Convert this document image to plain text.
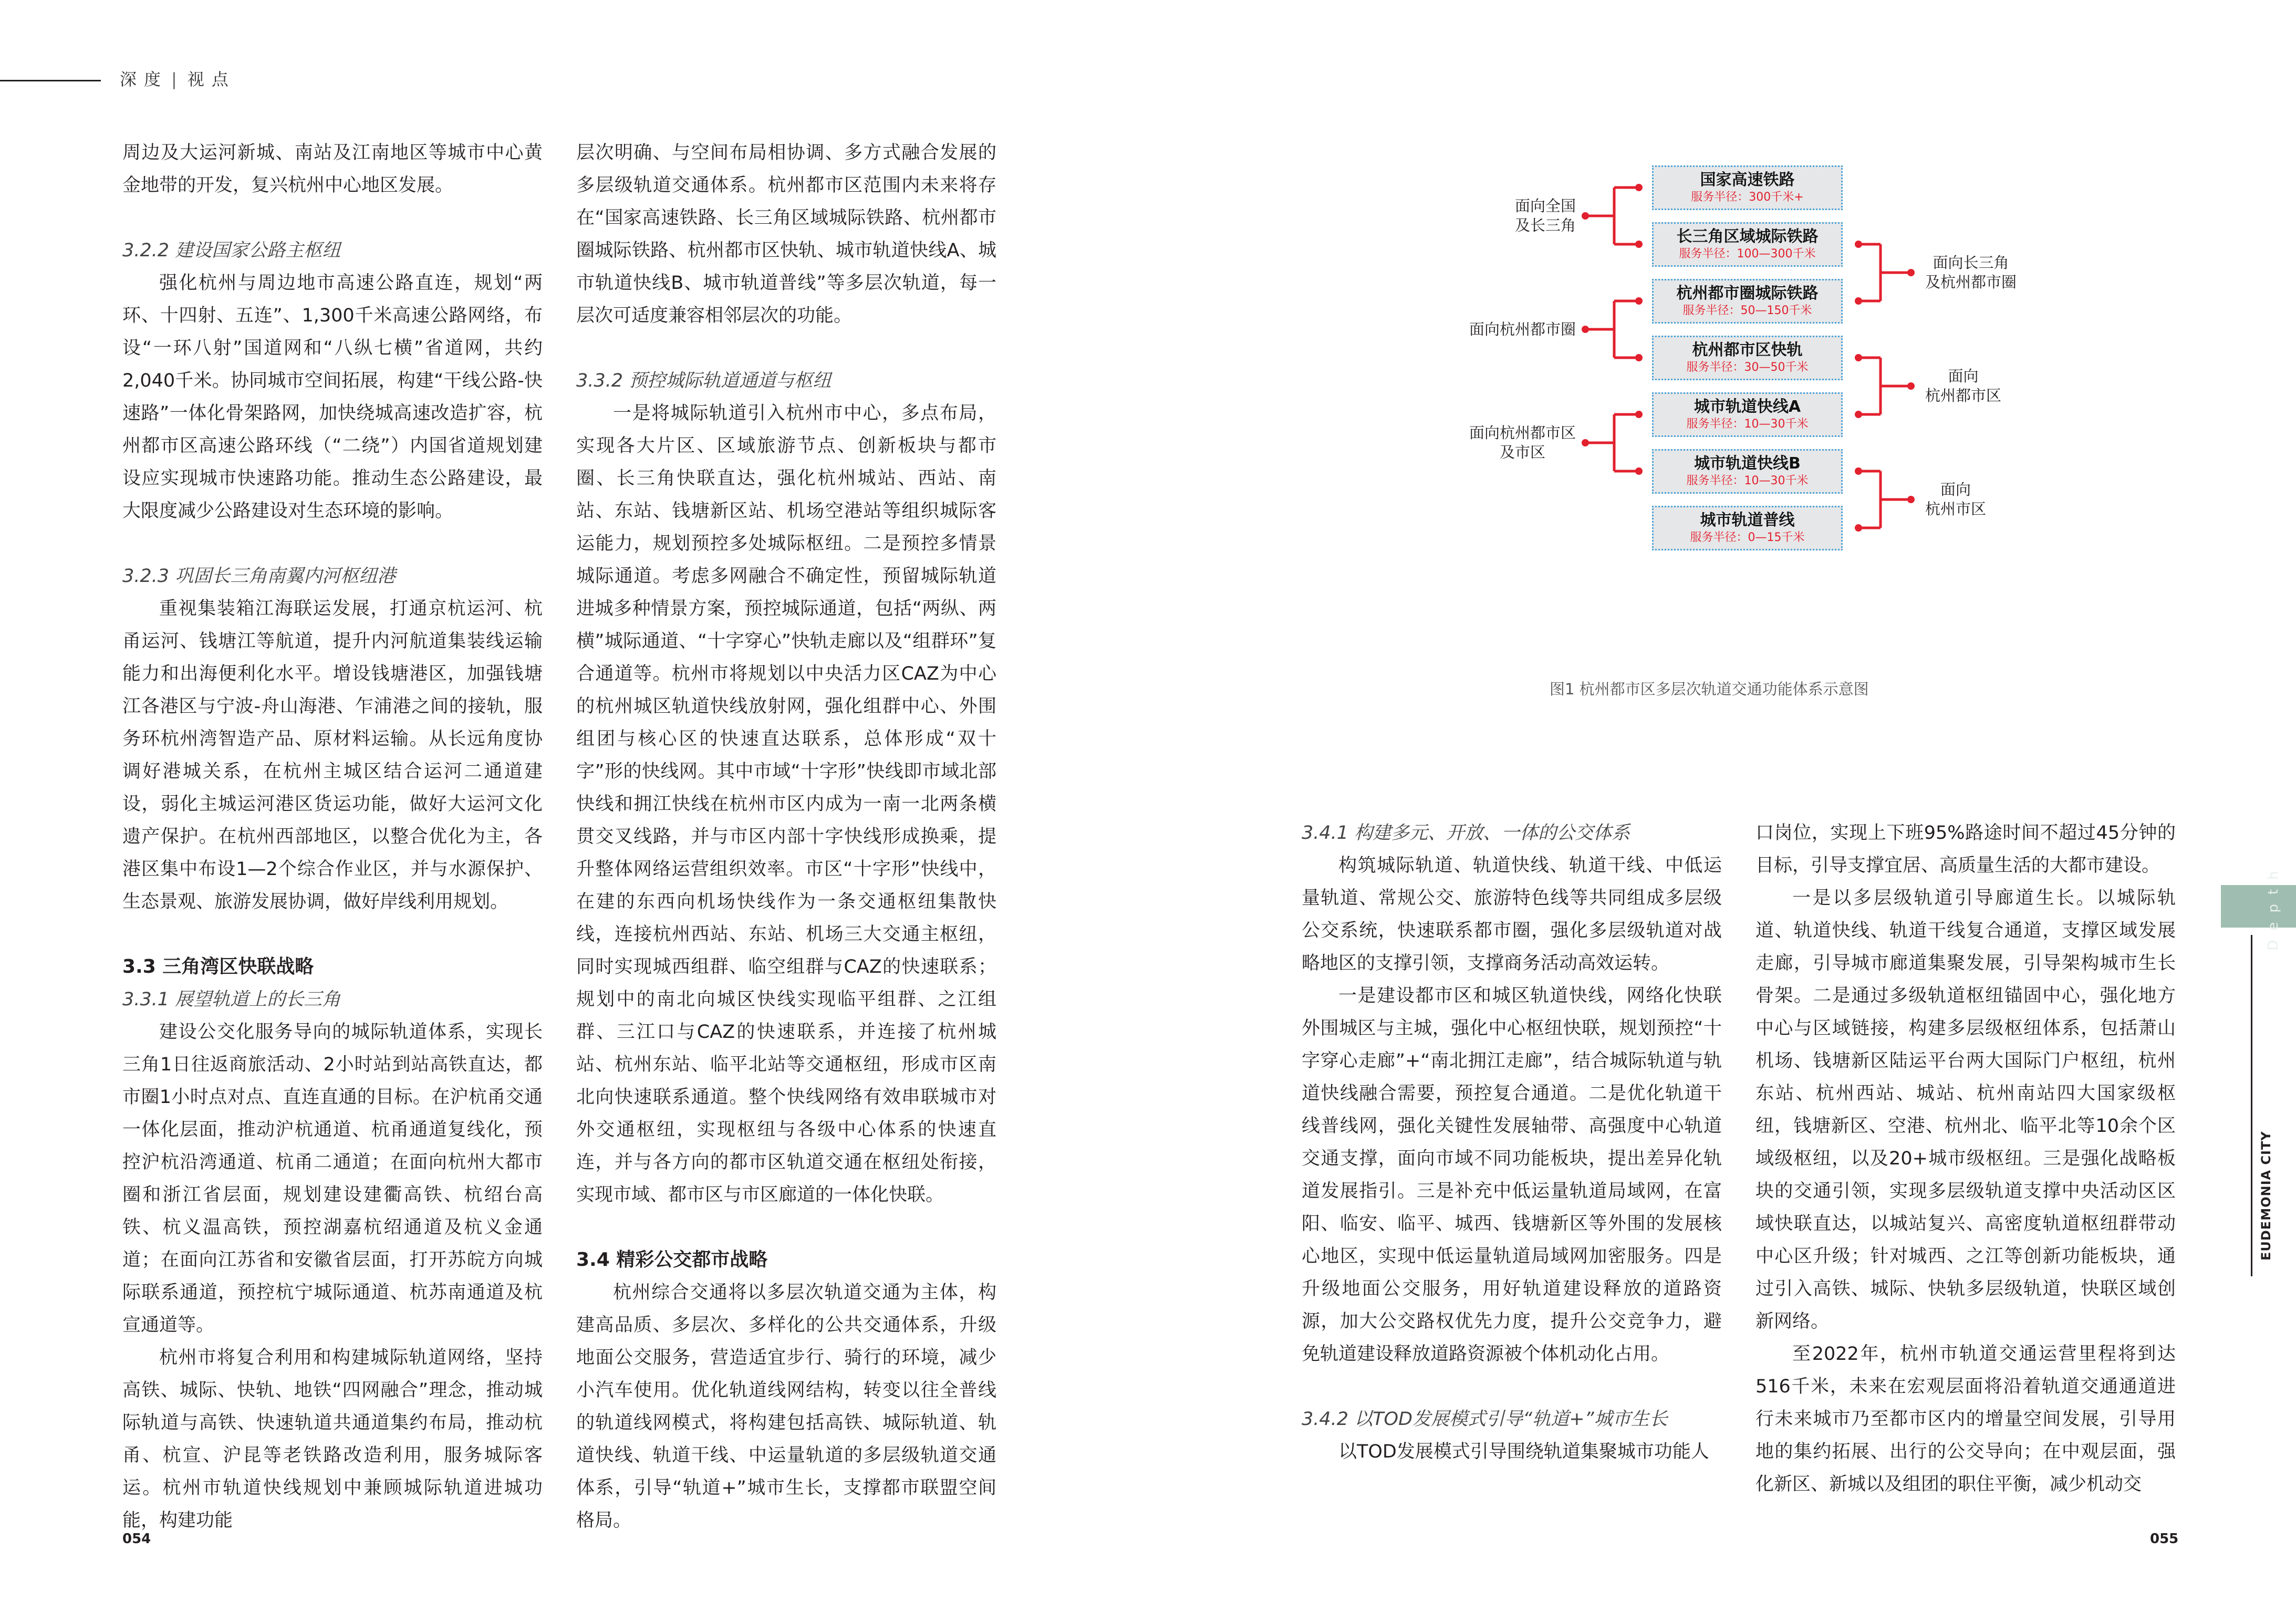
深度 | 视点

周边及大运河新城、南站及江南地区等城市中心黄金地带的开发，复兴杭州中心地区发展。

3.2.2 建设国家公路主枢纽

强化杭州与周边地市高速公路直连，规划“两环、十四射、五连”、1,300千米高速公路网络，布设“一环八射”国道网和“八纵七横”省道网，共约2,040千米。协同城市空间拓展，构建“干线公路-快速路”一体化骨架路网，加快绕城高速改造扩容，杭州都市区高速公路环线（“二绕”）内国省道规划建设应实现城市快速路功能。推动生态公路建设，最大限度减少公路建设对生态环境的影响。

3.2.3 巩固长三角南翼内河枢纽港

重视集装箱江海联运发展，打通京杭运河、杭甬运河、钱塘江等航道，提升内河航道集装线运输能力和出海便利化水平。增设钱塘港区，加强钱塘江各港区与宁波-舟山海港、乍浦港之间的接轨，服务环杭州湾智造产品、原材料运输。从长远角度协调好港城关系，在杭州主城区结合运河二通道建设，弱化主城运河港区货运功能，做好大运河文化遗产保护。在杭州西部地区，以整合优化为主，各港区集中布设1—2个综合作业区，并与水源保护、生态景观、旅游发展协调，做好岸线利用规划。

3.3 三角湾区快联战略

3.3.1 展望轨道上的长三角

建设公交化服务导向的城际轨道体系，实现长三角1日往返商旅活动、2小时站到站高铁直达，都市圈1小时点对点、直连直通的目标。在沪杭甬交通一体化层面，推动沪杭通道、杭甬通道复线化，预控沪杭沿湾通道、杭甬二通道；在面向杭州大都市圈和浙江省层面，规划建设建衢高铁、杭绍台高铁、杭义温高铁，预控湖嘉杭绍通道及杭义金通道；在面向江苏省和安徽省层面，打开苏皖方向城际联系通道，预控杭宁城际通道、杭苏南通道及杭宣通道等。

杭州市将复合利用和构建城际轨道网络，坚持高铁、城际、快轨、地铁“四网融合”理念，推动城际轨道与高铁、快速轨道共通道集约布局，推动杭甬、杭宣、沪昆等老铁路改造利用，服务城际客运。杭州市轨道快线规划中兼顾城际轨道进城功能，构建功能

层次明确、与空间布局相协调、多方式融合发展的多层级轨道交通体系。杭州都市区范围内未来将存在“国家高速铁路、长三角区域城际铁路、杭州都市圈城际铁路、杭州都市区快轨、城市轨道快线A、城市轨道快线B、城市轨道普线”等多层次轨道，每一层次可适度兼容相邻层次的功能。

3.3.2 预控城际轨道通道与枢纽

一是将城际轨道引入杭州市中心，多点布局，实现各大片区、区域旅游节点、创新板块与都市圈、长三角快联直达，强化杭州城站、西站、南站、东站、钱塘新区站、机场空港站等组织城际客运能力，规划预控多处城际枢纽。二是预控多情景城际通道。考虑多网融合不确定性，预留城际轨道进城多种情景方案，预控城际通道，包括“两纵、两横”城际通道、“十字穿心”快轨走廊以及“组群环”复合通道等。杭州市将规划以中央活力区CAZ为中心的杭州城区轨道快线放射网，强化组群中心、外围组团与核心区的快速直达联系，总体形成“双十字”形的快线网。其中市域“十字形”快线即市域北部快线和拥江快线在杭州市区内成为一南一北两条横贯交叉线路，并与市区内部十字快线形成换乘，提升整体网络运营组织效率。市区“十字形”快线中，在建的东西向机场快线作为一条交通枢纽集散快线，连接杭州西站、东站、机场三大交通主枢纽，同时实现城西组群、临空组群与CAZ的快速联系；规划中的南北向城区快线实现临平组群、之江组群、三江口与CAZ的快速联系，并连接了杭州城站、杭州东站、临平北站等交通枢纽，形成市区南北向快速联系通道。整个快线网络有效串联城市对外交通枢纽，实现枢纽与各级中心体系的快速直连，并与各方向的都市区轨道交通在枢纽处衔接，实现市域、都市区与市区廊道的一体化快联。

3.4 精彩公交都市战略

杭州综合交通将以多层次轨道交通为主体，构建高品质、多层次、多样化的公共交通体系，升级地面公交服务，营造适宜步行、骑行的环境，减少小汽车使用。优化轨道线网结构，转变以往全普线的轨道线网模式，将构建包括高铁、城际轨道、轨道快线、轨道干线、中运量轨道的多层级轨道交通体系，引导“轨道+”城市生长，支撑都市联盟空间格局。

054
国家高速铁路
服务半径：300千米+
长三角区域城际铁路
服务半径：100—300千米
杭州都市圈城际铁路
服务半径：50—150千米
杭州都市区快轨
服务半径：30—50千米
城市轨道快线A
服务半径：10—30千米
城市轨道快线B
服务半径：10—30千米
城市轨道普线
服务半径：0—15千米
面向全国
及长三角
面向杭州都市圈
面向杭州都市区
及市区
面向长三角
及杭州都市圈
面向
杭州都市区
面向
杭州市区
图1 杭州都市区多层次轨道交通功能体系示意图

3.4.1 构建多元、开放、一体的公交体系

构筑城际轨道、轨道快线、轨道干线、中低运量轨道、常规公交、旅游特色线等共同组成多层级公交系统，快速联系都市圈，强化多层级轨道对战略地区的支撑引领，支撑商务活动高效运转。

一是建设都市区和城区轨道快线，网络化快联外围城区与主城，强化中心枢纽快联，规划预控“十字穿心走廊”+“南北拥江走廊”，结合城际轨道与轨道快线融合需要，预控复合通道。二是优化轨道干线普线网，强化关键性发展轴带、高强度中心轨道交通支撑，面向市域不同功能板块，提出差异化轨道发展指引。三是补充中低运量轨道局域网，在富阳、临安、临平、城西、钱塘新区等外围的发展核心地区，实现中低运量轨道局域网加密服务。四是升级地面公交服务，用好轨道建设释放的道路资源，加大公交路权优先力度，提升公交竞争力，避免轨道建设释放道路资源被个体机动化占用。

3.4.2 以TOD发展模式引导“轨道+”城市生长

以TOD发展模式引导围绕轨道集聚城市功能人

口岗位，实现上下班95%路途时间不超过45分钟的目标，引导支撑宜居、高质量生活的大都市建设。

一是以多层级轨道引导廊道生长。以城际轨道、轨道快线、轨道干线复合通道，支撑区域发展走廊，引导城市廊道集聚发展，引导架构城市生长骨架。二是通过多级轨道枢纽锚固中心，强化地方中心与区域链接，构建多层级枢纽体系，包括萧山机场、钱塘新区陆运平台两大国际门户枢纽，杭州东站、杭州西站、城站、杭州南站四大国家级枢纽，钱塘新区、空港、杭州北、临平北等10余个区域级枢纽，以及20+城市级枢纽。三是强化战略板块的交通引领，实现多层级轨道支撑中央活动区区域快联直达，以城站复兴、高密度轨道枢纽群带动中心区升级；针对城西、之江等创新功能板块，通过引入高铁、城际、快轨多层级轨道，快联区域创新网络。

至2022年，杭州市轨道交通运营里程将到达516千米，未来在宏观层面将沿着轨道交通通道进行未来城市乃至都市区内的增量空间发展，引导用地的集约拓展、出行的公交导向；在中观层面，强化新区、新城以及组团的职住平衡，减少机动交

055
Depth
EUDEMONIA CITY
